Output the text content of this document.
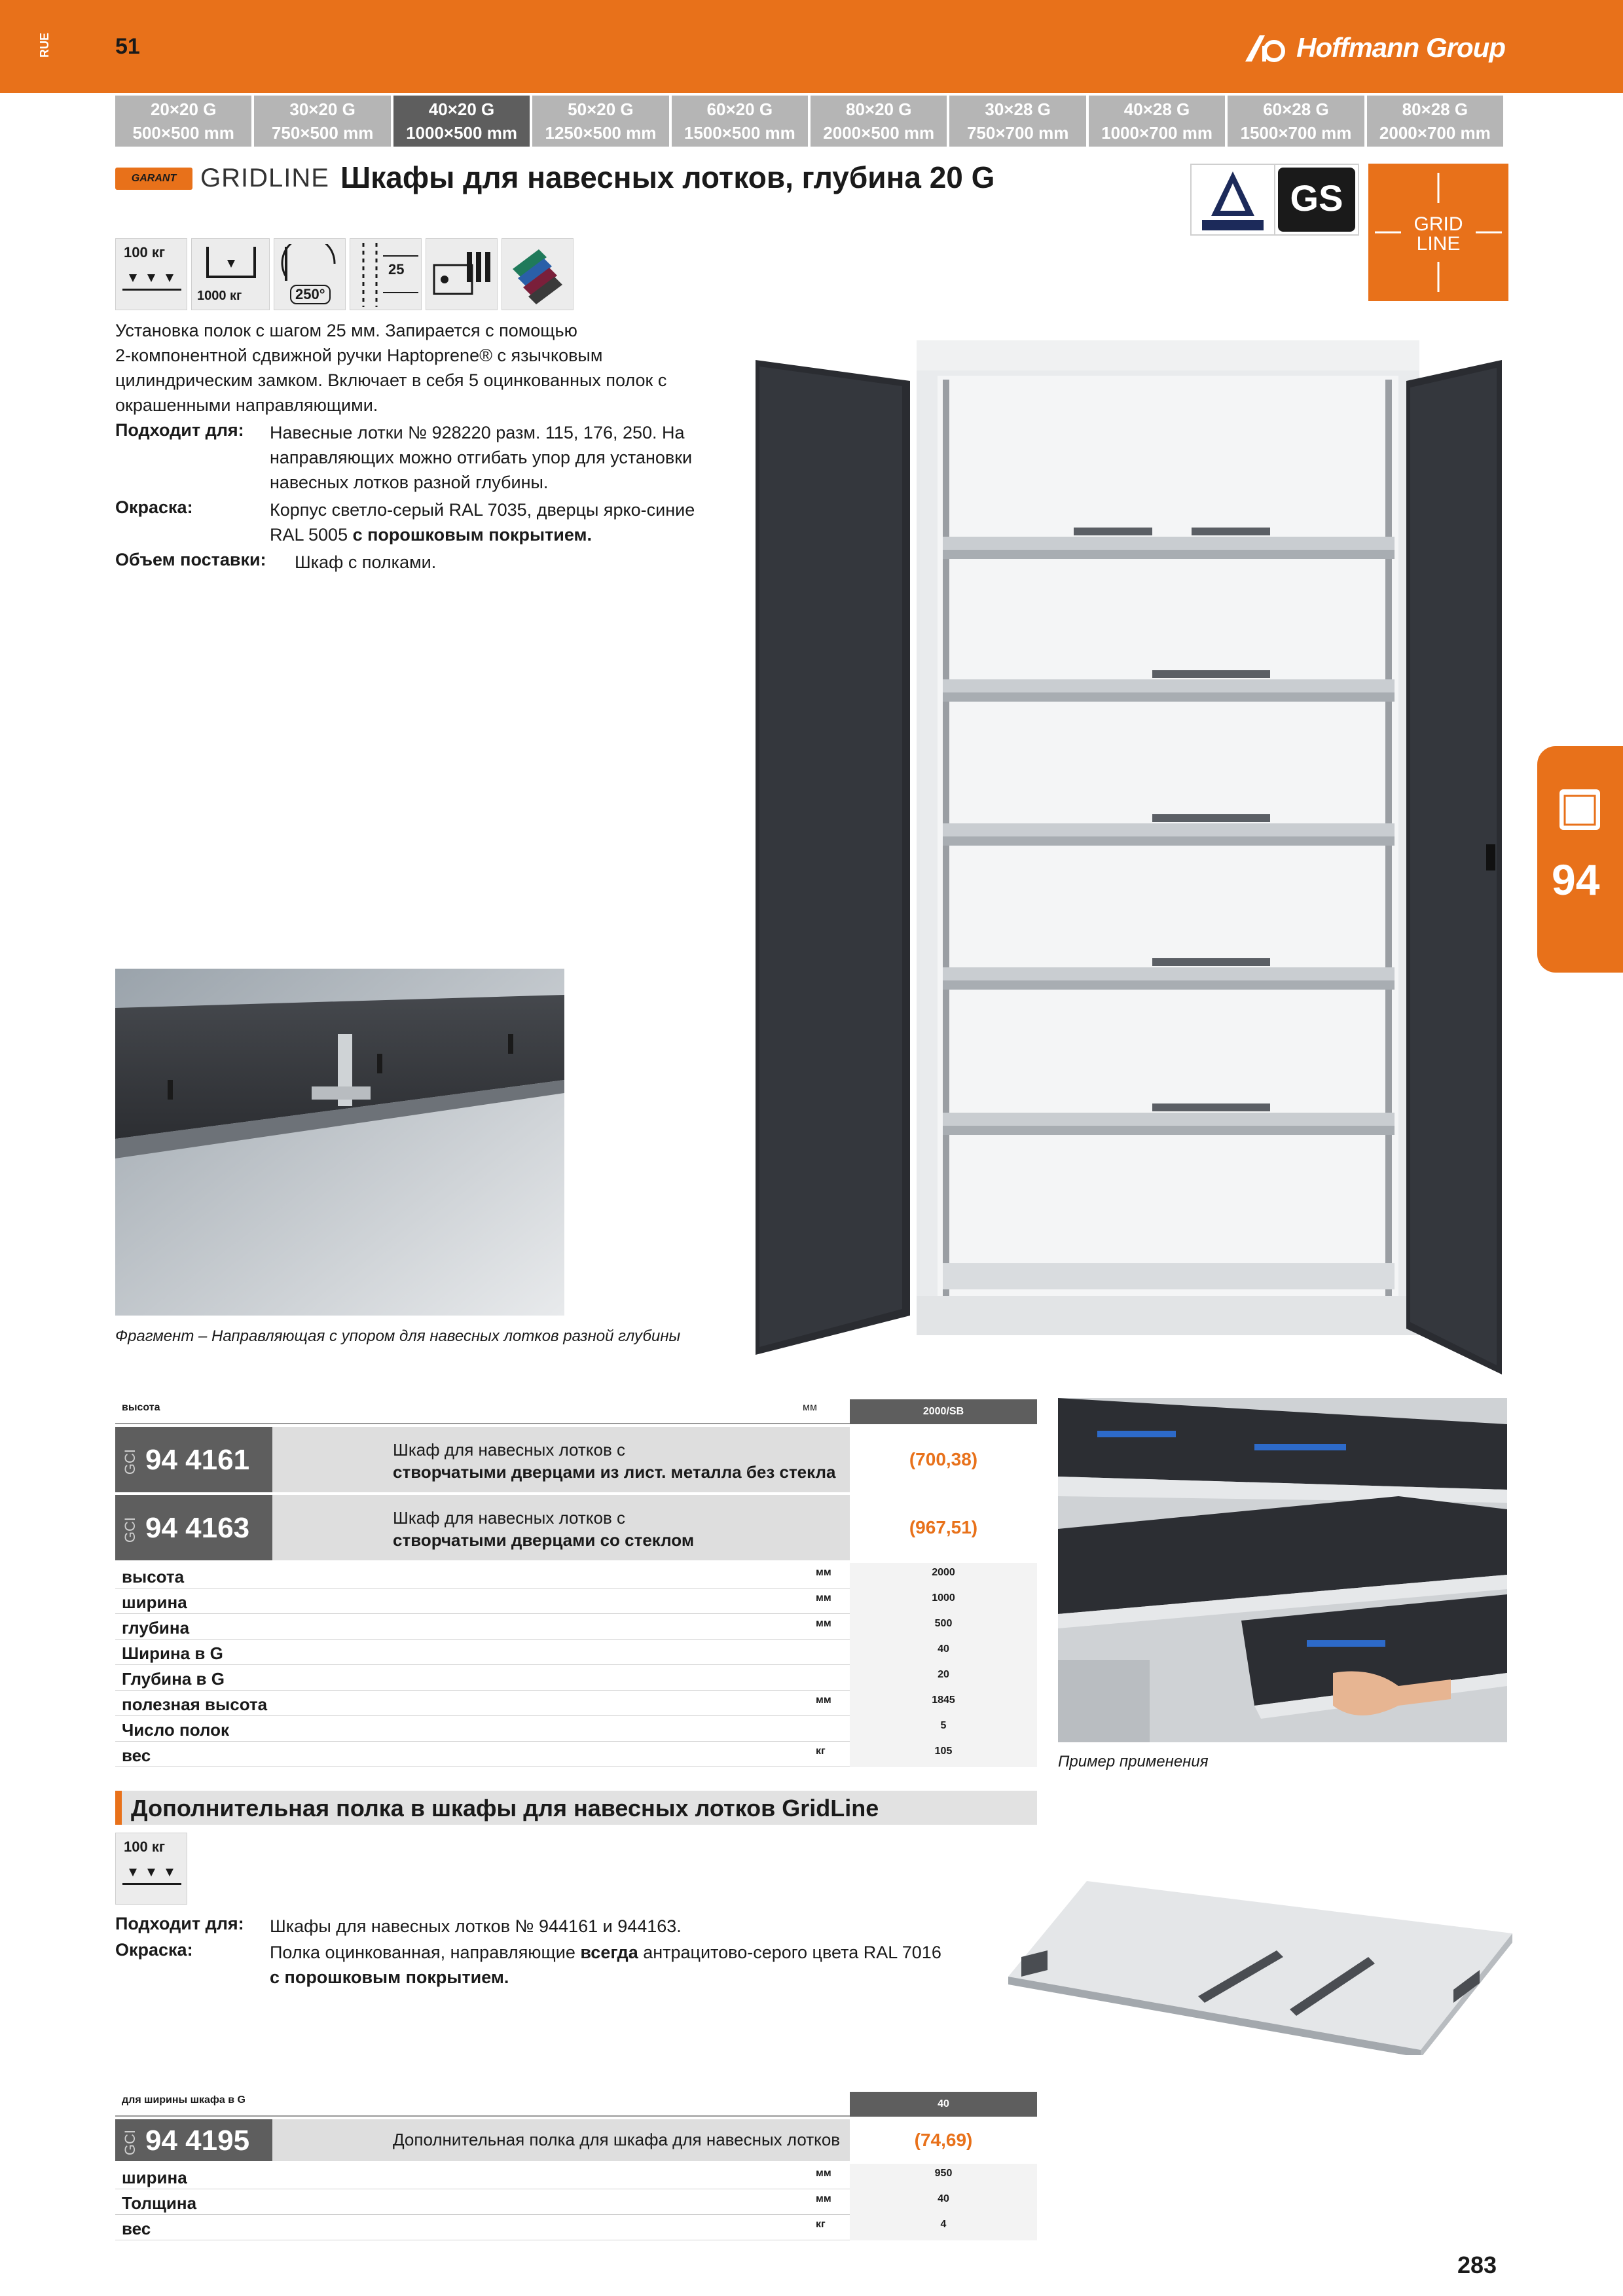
RUE	51	Hoffmann Group
20×20 G
500×500 mm
30×20 G
750×500 mm
40×20 G
1000×500 mm
50×20 G
1250×500 mm
60×20 G
1500×500 mm
80×20 G
2000×500 mm
30×28 G
750×700 mm
40×28 G
1000×700 mm
60×28 G
1500×700 mm
80×28 G
2000×700 mm
GARANT GRIDLINE Шкафы для навесных лотков, глубина 20 G	GS
GRID
LINE
100 кг
1000 кг	250°
25
Установка полок с шагом 25 мм. Запирается с помощью
2-компонентной сдвижной ручки Haptoprene® с язычковым
цилиндрическим замком. Включает в себя 5 оцинкованных полок с
окрашенными направляющими.
Подходит для: Навесные лотки № 928220 разм. 115, 176, 250. На
направляющих можно отгибать упор для установки
навесных лотков разной глубины.
Окраска:	Корпус светло-серый RAL 7035, дверцы ярко-синие
RAL 5005 с порошковым покрытием.
Объем поставки: Шкаф с полками.
Фрагмент – Направляющая с упором для навесных лотков разной глубины
94
высота	мм	2000/SB
GCI 94 4161	Шкаф для навесных лотков с
створчатыми дверцами из лист. металла без стекла
(700,38)
GCI 94 4163	Шкаф для навесных лотков с
створчатыми дверцами со стеклом
(967,51)
высота	мм	2000
ширина	мм	1000
глубина	мм	500
Ширина в G	40
Глубина в G	20
полезная высота	мм	1845
Число полок	5
вес	кг	105
Пример применения
Дополнительная полка в шкафы для навесных лотков GridLine
100 кг
Подходит для: Шкафы для навесных лотков № 944161 и 944163.
Окраска:	Полка оцинкованная, направляющие всегда антрацитово-серого цвета RAL 7016
с порошковым покрытием.
для ширины шкафа в G	40
GCI 94 4195	Дополнительная полка для шкафа для навесных лотков	(74,69)
ширина	мм	950
Толщина	мм	40
вес	кг	4
283
